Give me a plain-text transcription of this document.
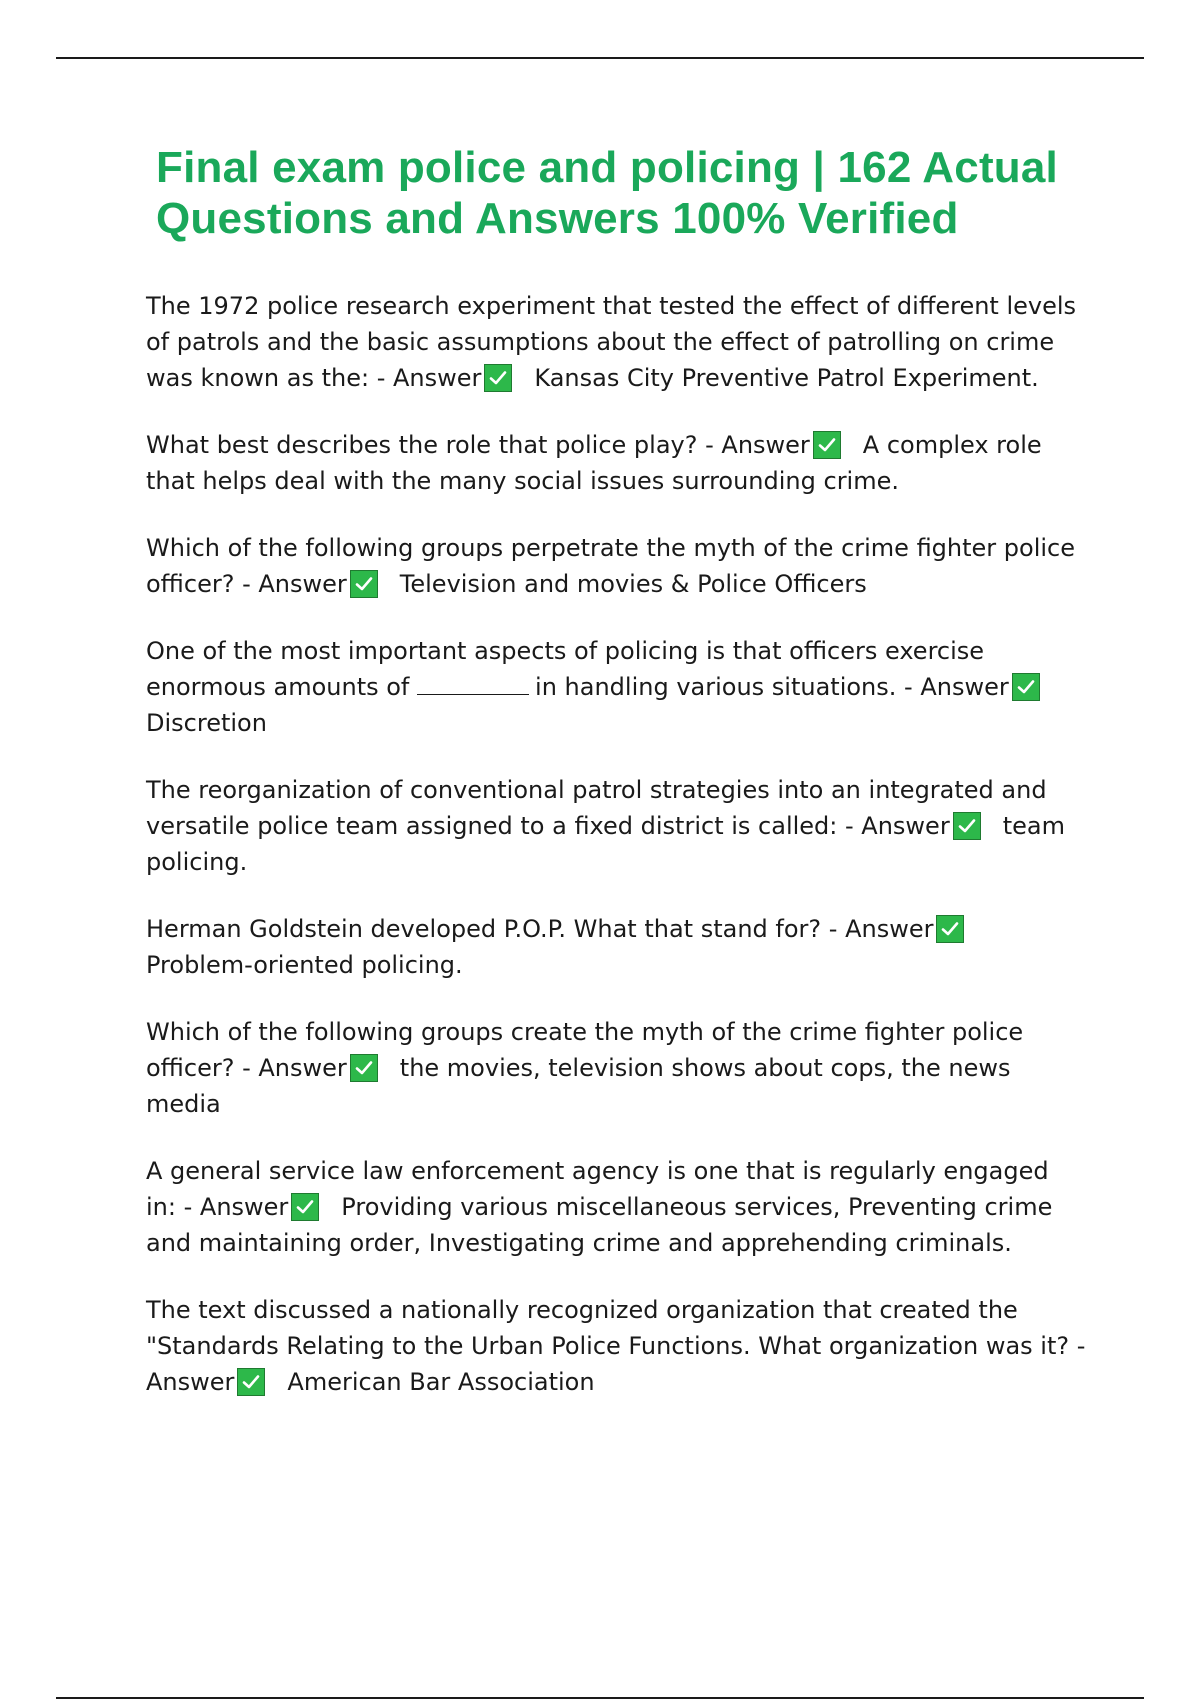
Final exam police and policing | 162 Actual Questions and Answers 100% Verified

The 1972 police research experiment that tested the effect of different levels of patrols and the basic assumptions about the effect of patrolling on crime was known as the: - Answer Kansas City Preventive Patrol Experiment.

What best describes the role that police play? - Answer A complex role that helps deal with the many social issues surrounding crime.

Which of the following groups perpetrate the myth of the crime fighter police officer? - Answer Television and movies & Police Officers

One of the most important aspects of policing is that officers exercise enormous amounts of	in handling various situations. - Answer
Discretion

The reorganization of conventional patrol strategies into an integrated and versatile police team assigned to a fixed district is called: - Answer team policing.

Herman Goldstein developed P.O.P. What that stand for? - Answer
Problem-oriented policing.

Which of the following groups create the myth of the crime fighter police officer? - Answer the movies, television shows about cops, the news media

A general service law enforcement agency is one that is regularly engaged in: - Answer Providing various miscellaneous services, Preventing crime and maintaining order, Investigating crime and apprehending criminals.

The text discussed a nationally recognized organization that created the "Standards Relating to the Urban Police Functions. What organization was it? - Answer American Bar Association
